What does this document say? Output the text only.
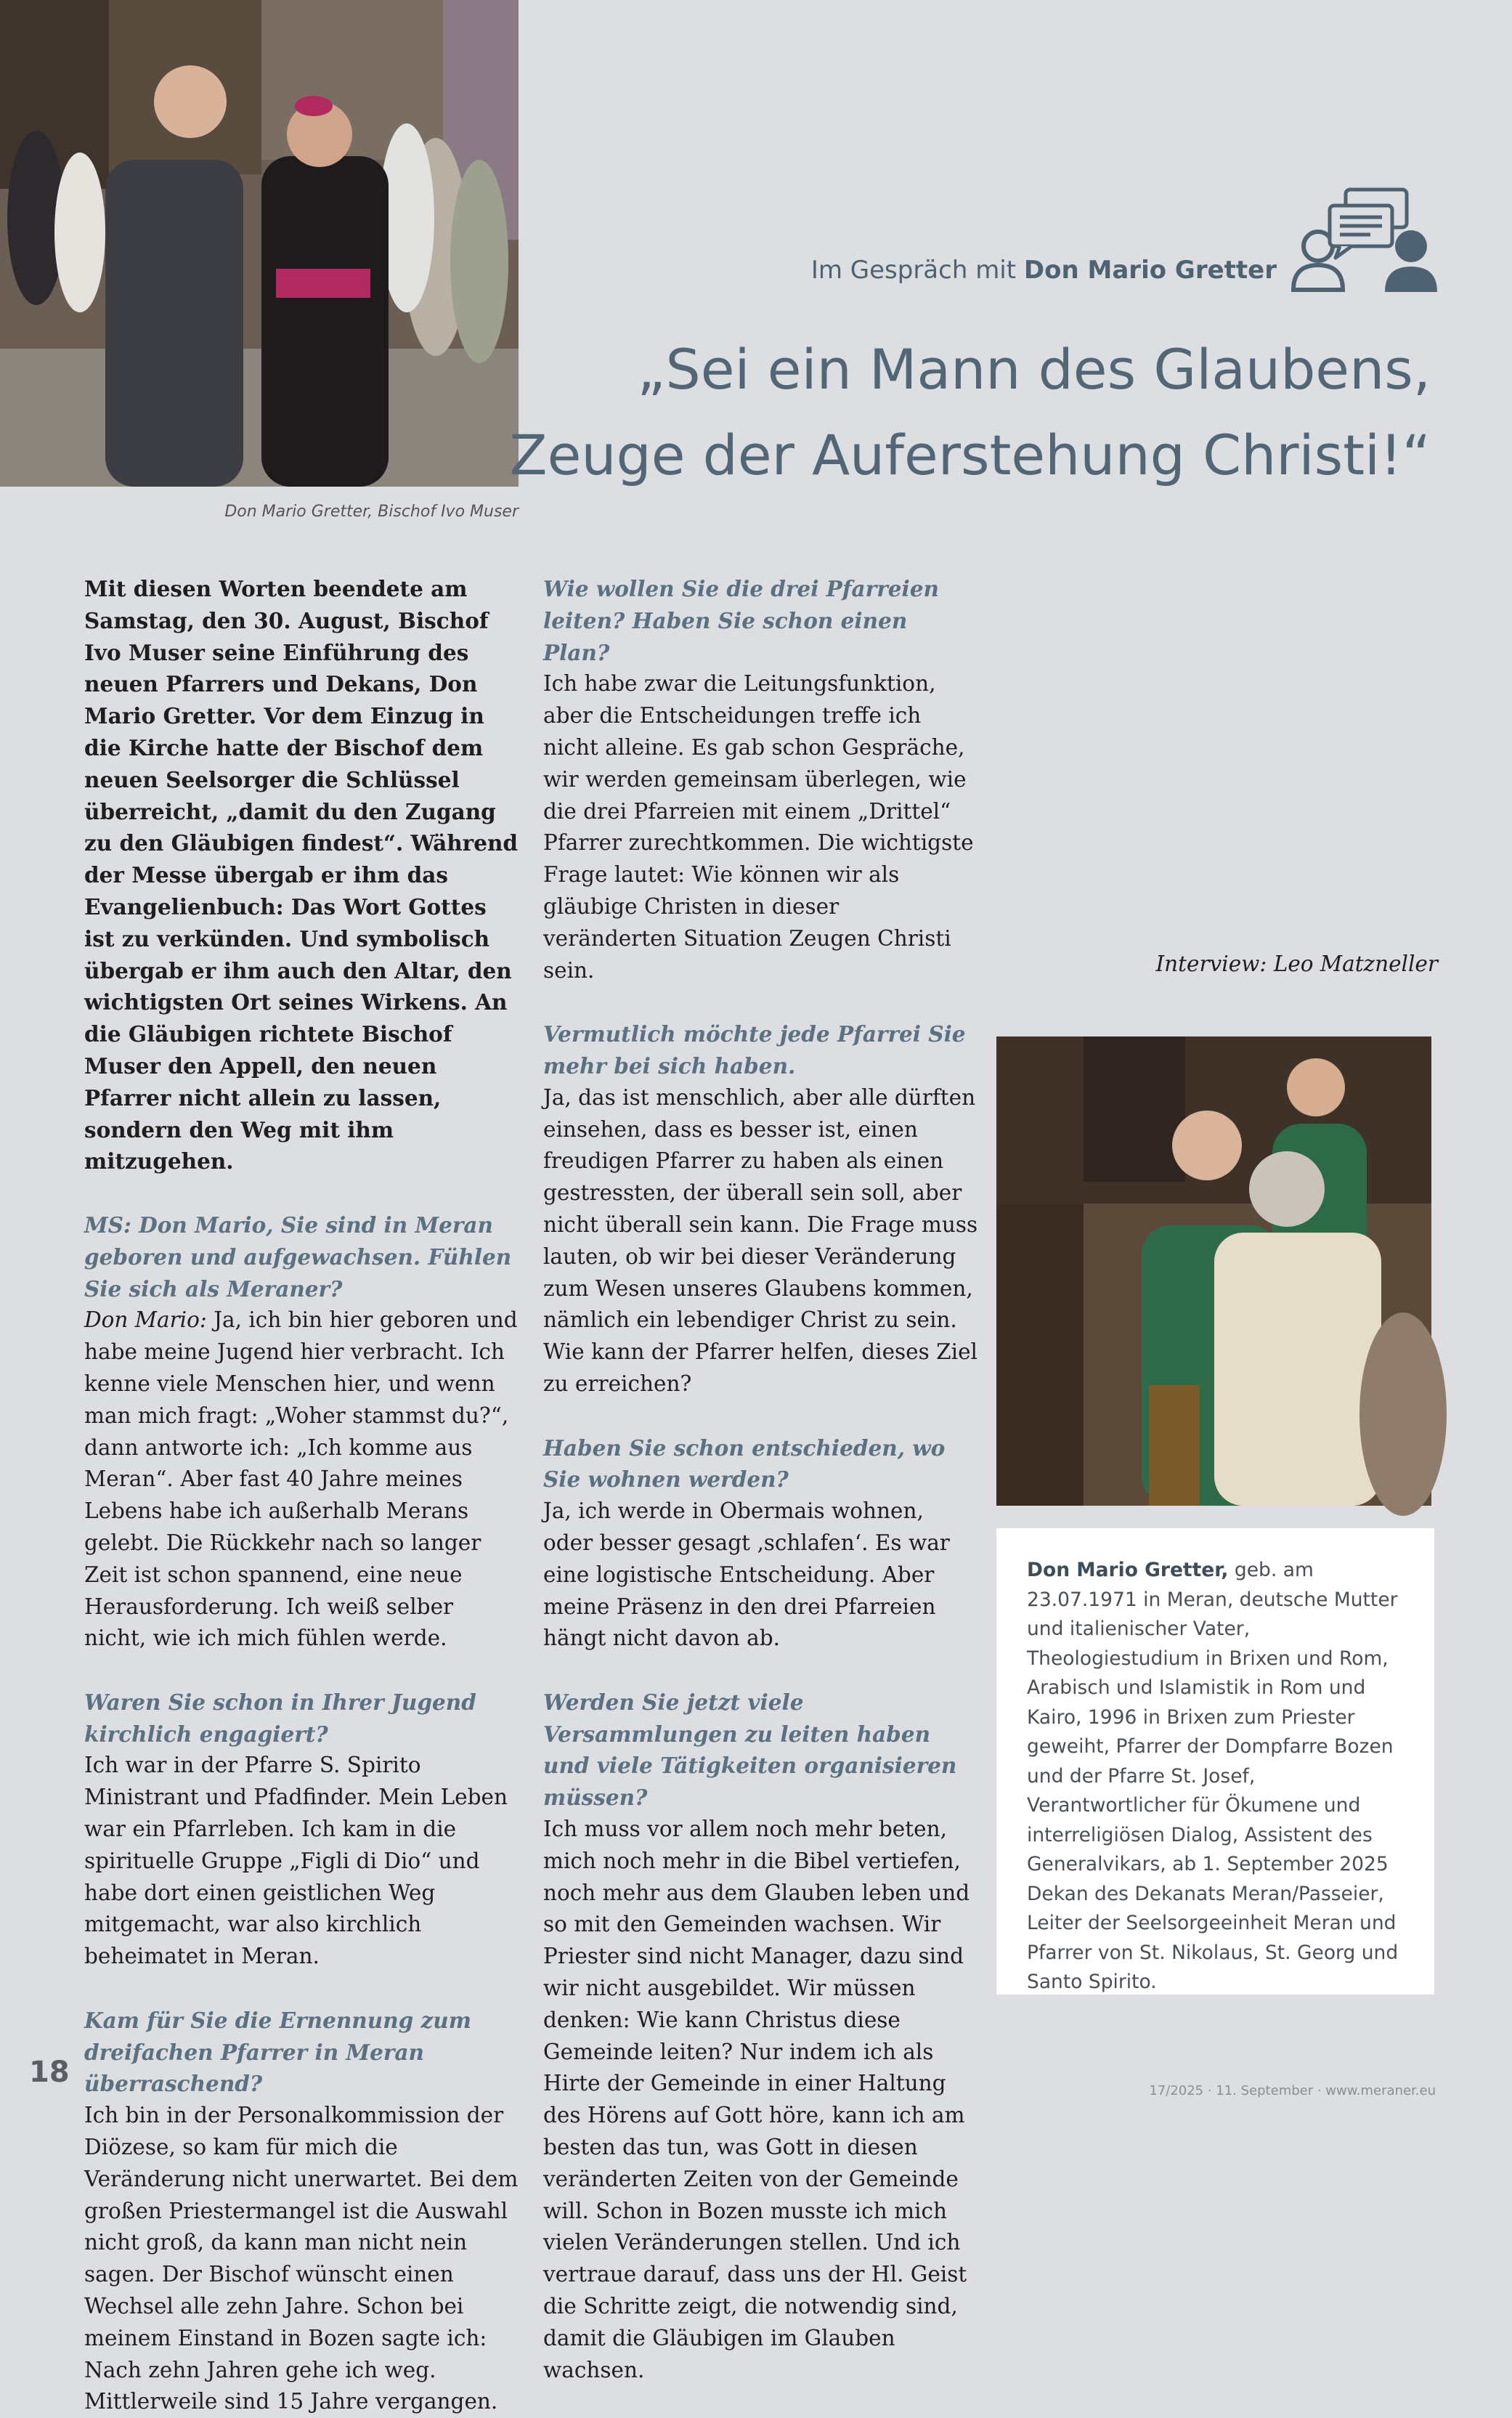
Don Mario Gretter, Bischof Ivo Muser
Im Gespräch mit Don Mario Gretter
„Sei ein Mann des Glaubens,
Zeuge der Auferstehung Christi!“

Mit diesen Worten beendete am Samstag, den 30. August, Bischof Ivo Muser seine Einführung des neuen Pfarrers und Dekans, Don Mario Gretter. Vor dem Einzug in die Kirche hatte der Bischof dem neuen Seelsorger die Schlüssel überreicht, „damit du den Zugang zu den Gläubigen findest“. Während der Messe übergab er ihm das Evangelienbuch: Das Wort Gottes ist zu verkünden. Und symbolisch übergab er ihm auch den Altar, den wichtigsten Ort seines Wirkens. An die Gläubigen richtete Bischof Muser den Appell, den neuen Pfarrer nicht allein zu lassen, sondern den Weg mit ihm mitzugehen.

MS: Don Mario, Sie sind in Meran geboren und aufgewachsen. Fühlen Sie sich als Meraner?
Don Mario: Ja, ich bin hier geboren und habe meine Jugend hier verbracht. Ich kenne viele Menschen hier, und wenn man mich fragt: „Woher stammst du?“, dann antworte ich: „Ich komme aus Meran“. Aber fast 40 Jahre meines Lebens habe ich außerhalb Merans gelebt. Die Rückkehr nach so langer Zeit ist schon spannend, eine neue Herausforderung. Ich weiß selber nicht, wie ich mich fühlen werde.

Waren Sie schon in Ihrer Jugend kirchlich engagiert?
Ich war in der Pfarre S. Spirito Ministrant und Pfadfinder. Mein Leben war ein Pfarrleben. Ich kam in die spirituelle Gruppe „Figli di Dio“ und habe dort einen geistlichen Weg mitgemacht, war also kirchlich beheimatet in Meran.

Kam für Sie die Ernennung zum dreifachen Pfarrer in Meran überraschend?
Ich bin in der Personalkommission der Diözese, so kam für mich die Veränderung nicht unerwartet. Bei dem großen Priestermangel ist die Auswahl nicht groß, da kann man nicht nein sagen. Der Bischof wünscht einen Wechsel alle zehn Jahre. Schon bei meinem Einstand in Bozen sagte ich: Nach zehn Jahren gehe ich weg. Mittlerweile sind 15 Jahre vergangen.

Wie wollen Sie die drei Pfarreien leiten? Haben Sie schon einen Plan?
Ich habe zwar die Leitungsfunktion, aber die Entscheidungen treffe ich nicht alleine. Es gab schon Gespräche, wir werden gemeinsam überlegen, wie die drei Pfarreien mit einem „Drittel“ Pfarrer zurechtkommen. Die wichtigste Frage lautet: Wie können wir als gläubige Christen in dieser veränderten Situation Zeugen Christi sein.

Vermutlich möchte jede Pfarrei Sie mehr bei sich haben.
Ja, das ist menschlich, aber alle dürften einsehen, dass es besser ist, einen freudigen Pfarrer zu haben als einen gestressten, der überall sein soll, aber nicht überall sein kann. Die Frage muss lauten, ob wir bei dieser Veränderung zum Wesen unseres Glaubens kommen, nämlich ein lebendiger Christ zu sein. Wie kann der Pfarrer helfen, dieses Ziel zu erreichen?

Haben Sie schon entschieden, wo Sie wohnen werden?
Ja, ich werde in Obermais wohnen, oder besser gesagt ‚schlafen‘. Es war eine logistische Entscheidung. Aber meine Präsenz in den drei Pfarreien hängt nicht davon ab.

Werden Sie jetzt viele Versammlungen zu leiten haben und viele Tätigkeiten organisieren müssen?
Ich muss vor allem noch mehr beten, mich noch mehr in die Bibel vertiefen, noch mehr aus dem Glauben leben und so mit den Gemeinden wachsen. Wir Priester sind nicht Manager, dazu sind wir nicht ausgebildet. Wir müssen denken: Wie kann Christus diese Gemeinde leiten? Nur indem ich als Hirte der Gemeinde in einer Haltung des Hörens auf Gott höre, kann ich am besten das tun, was Gott in diesen veränderten Zeiten von der Gemeinde will. Schon in Bozen musste ich mich vielen Veränderungen stellen. Und ich vertraue darauf, dass uns der Hl. Geist die Schritte zeigt, die notwendig sind, damit die Gläubigen im Glauben wachsen.

Interview: Leo Matzneller

Don Mario Gretter, geb. am 23.07.1971 in Meran, deutsche Mutter und italienischer Vater, Theologiestudium in Brixen und Rom, Arabisch und Islamistik in Rom und Kairo, 1996 in Brixen zum Priester geweiht, Pfarrer der Dompfarre Bozen und der Pfarre St. Josef, Verantwortlicher für Ökumene und interreligiösen Dialog, Assistent des Generalvikars, ab 1. September 2025 Dekan des Dekanats Meran/Passeier, Leiter der Seelsorgeeinheit Meran und Pfarrer von St. Nikolaus, St. Georg und Santo Spirito.
18
17/2025 · 11. September · www.meraner.eu
